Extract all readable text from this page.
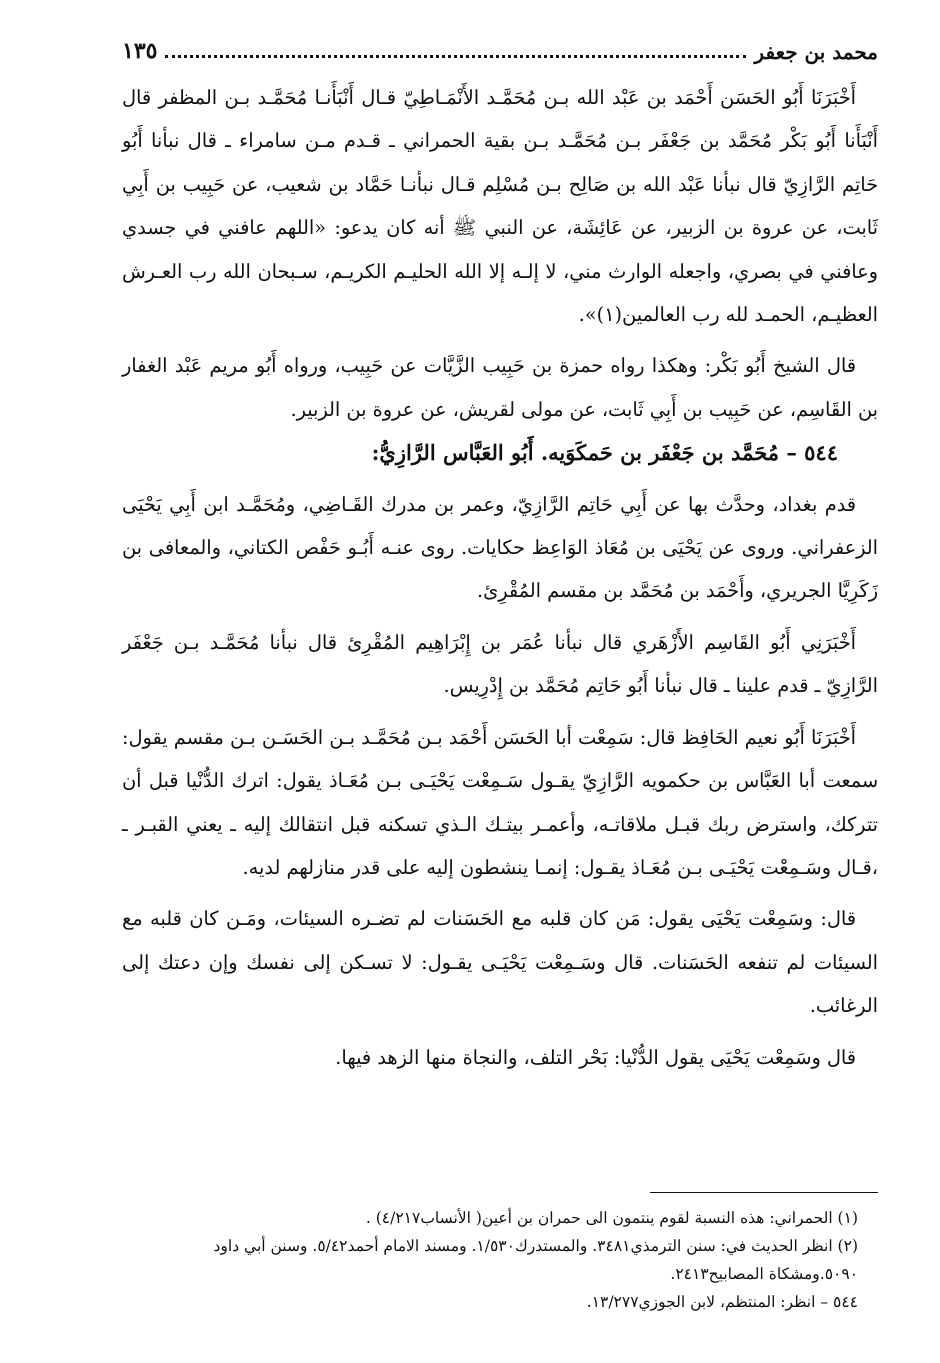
محمد بن جعفر
١٣٥

أَخْبَرَنَا أَبُو الحَسَن أَحْمَد بن عَبْد الله بـن مُحَمَّـد الأَنْمَـاطِيّ قـال أَنْبَأَنـا مُحَمَّـد بـن المظفر قال أَنْبَأَنا أَبُو بَكْر مُحَمَّد بن جَعْفَر بـن مُحَمَّـد بـن بقية الحمراني ـ قـدم مـن سامراء ـ قال نبأنا أَبُو حَاتِم الرَّازِيّ قال نبأنا عَبْد الله بن صَالِح بـن مُسْلِم قـال نبأنـا حَمَّاد بن شعيب، عن حَبِيب بن أَبِي ثَابت، عن عروة بن الزبير، عن عَائِشَة، عن النبي ﷺ أنه كان يدعو: «اللهم عافني في جسدي وعافني في بصري، واجعله الوارث مني، لا إلـه إلا الله الحليـم الكريـم، سـبحان الله رب العـرش العظيـم، الحمـد لله رب العالمين(١)».

قال الشيخ أَبُو بَكْر: وهكذا رواه حمزة بن حَبِيب الزَّيَّات عن حَبِيب، ورواه أَبُو مريم عَبْد الغفار بن القَاسِم، عن حَبِيب بن أَبِي ثَابت، عن مولى لقريش، عن عروة بن الزبير.

٥٤٤ – مُحَمَّد بن جَعْفَر بن حَمكَوَيه. أَبُو العَبَّاس الرَّازِيُّ:

قدم بغداد، وحدَّث بها عن أَبِي حَاتِم الرَّازِيّ، وعمر بن مدرك القَـاضِي، ومُحَمَّـد ابن أَبِي يَحْيَى الزعفراني. وروى عن يَحْيَى بن مُعَاذ الوَاعِظ حكايات. روى عنـه أَبُـو حَفْص الكتاني، والمعافى بن زَكَرِيَّا الجريري، وأَحْمَد بن مُحَمَّد بن مقسم المُقْرِئ.

أَخْبَرَنِي أَبُو القَاسِم الأَزْهَري قال نبأنا عُمَر بن إِبْرَاهِيم المُقْرِئ قال نبأنا مُحَمَّـد بـن جَعْفَر الرَّازِيّ ـ قدم علينا ـ قال نبأنا أَبُو حَاتِم مُحَمَّد بن إِدْرِيس.

أَخْبَرَنَا أَبُو نعيم الحَافِظ قال: سَمِعْت أبا الحَسَن أَحْمَد بـن مُحَمَّـد بـن الحَسَـن بـن مقسم يقول: سمعت أبا العَبَّاس بن حكمويه الرَّازِيّ يقـول سَـمِعْت يَحْيَـى بـن مُعَـاذ يقول: اترك الدُّنْيا قبل أن تتركك، واسترض ربك قبـل ملاقاتـه، وأعمـر بيتـك الـذي تسكنه قبل انتقالك إليه ـ يعني القبـر ـ ،قـال وسَـمِعْت يَحْيَـى بـن مُعَـاذ يقـول: إنمـا ينشطون إليه على قدر منازلهم لديه.

قال: وسَمِعْت يَحْيَى يقول: مَن كان قلبه مع الحَسَنات لم تضـره السيئات، ومَـن كان قلبه مع السيئات لم تنفعه الحَسَنات. قال وسَـمِعْت يَحْيَـى يقـول: لا تسـكن إلى نفسك وإن دعتك إلى الرغائب.

قال وسَمِعْت يَحْيَى يقول الدُّنْيا: بَحْر التلف، والنجاة منها الزهد فيها.

(١) الحمراني: هذه النسبة لقوم ينتمون الى حمران بن أعين( الأنساب٤/٢١٧) .

(٢) انظر الحديث في: سنن الترمذي٣٤٨١. والمستدرك١/٥٣٠. ومسند الامام أحمد٥/٤٢. وسنن أبي داود ٥٠٩٠.ومشكاة المصابيح٢٤١٣.

٥٤٤ – انظر: المنتظم، لابن الجوزي١٣/٢٧٧.
